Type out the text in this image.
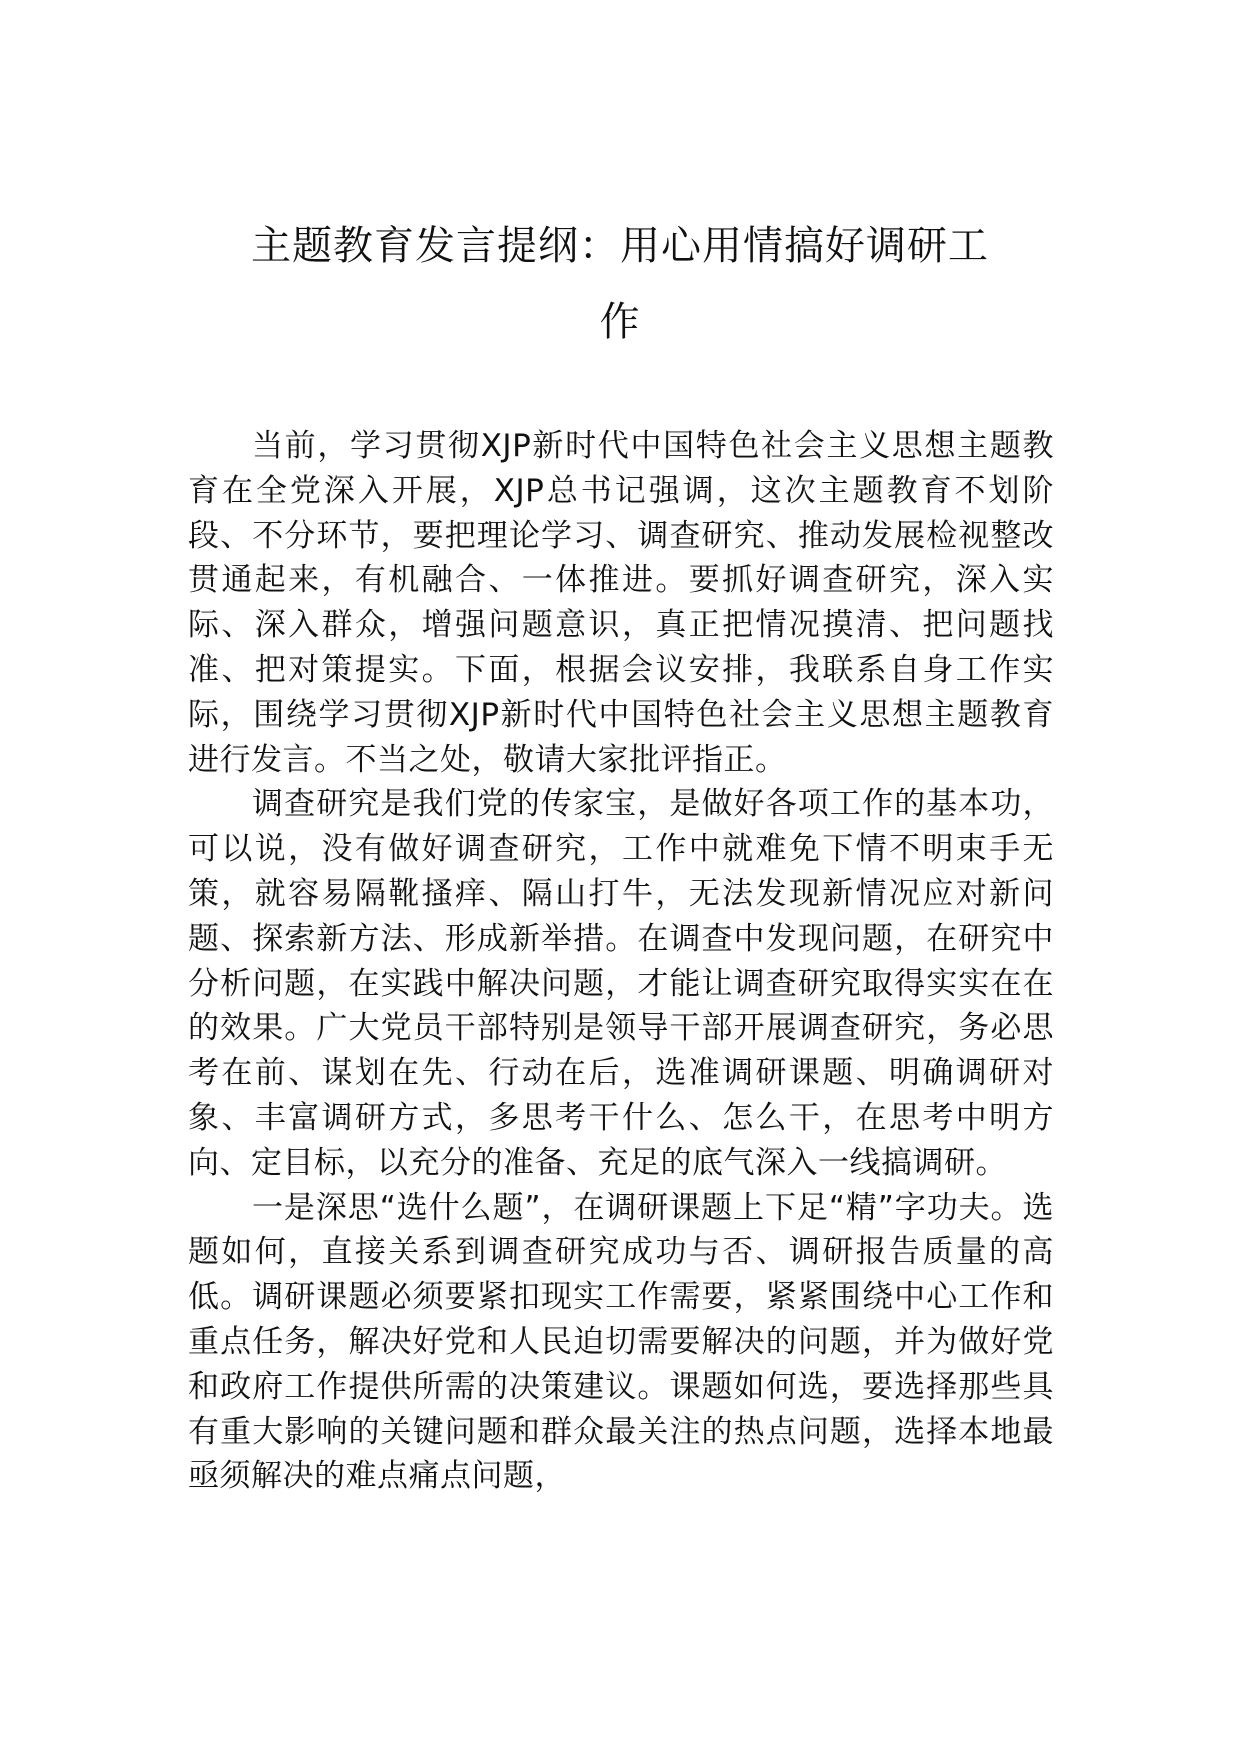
主题教育发言提纲：用心用情搞好调研工
作

当前，学习贯彻XJP新时代中国特色社会主义思想主题教育在全党深入开展，XJP总书记强调，这次主题教育不划阶段、不分环节，要把理论学习、调查研究、推动发展检视整改贯通起来，有机融合、一体推进。要抓好调查研究，深入实际、深入群众，增强问题意识，真正把情况摸清、把问题找准、把对策提实。下面，根据会议安排，我联系自身工作实际，围绕学习贯彻XJP新时代中国特色社会主义思想主题教育进行发言。不当之处，敬请大家批评指正。

调查研究是我们党的传家宝，是做好各项工作的基本功，可以说，没有做好调查研究，工作中就难免下情不明束手无策，就容易隔靴搔痒、隔山打牛，无法发现新情况应对新问题、探索新方法、形成新举措。在调查中发现问题，在研究中分析问题，在实践中解决问题，才能让调查研究取得实实在在的效果。广大党员干部特别是领导干部开展调查研究，务必思考在前、谋划在先、行动在后，选准调研课题、明确调研对象、丰富调研方式，多思考干什么、怎么干，在思考中明方向、定目标，以充分的准备、充足的底气深入一线搞调研。

一是深思“选什么题”，在调研课题上下足“精”字功夫。选题如何，直接关系到调查研究成功与否、调研报告质量的高低。调研课题必须要紧扣现实工作需要，紧紧围绕中心工作和重点任务，解决好党和人民迫切需要解决的问题，并为做好党和政府工作提供所需的决策建议。课题如何选，要选择那些具有重大影响的关键问题和群众最关注的热点问题，选择本地最亟须解决的难点痛点问题，
